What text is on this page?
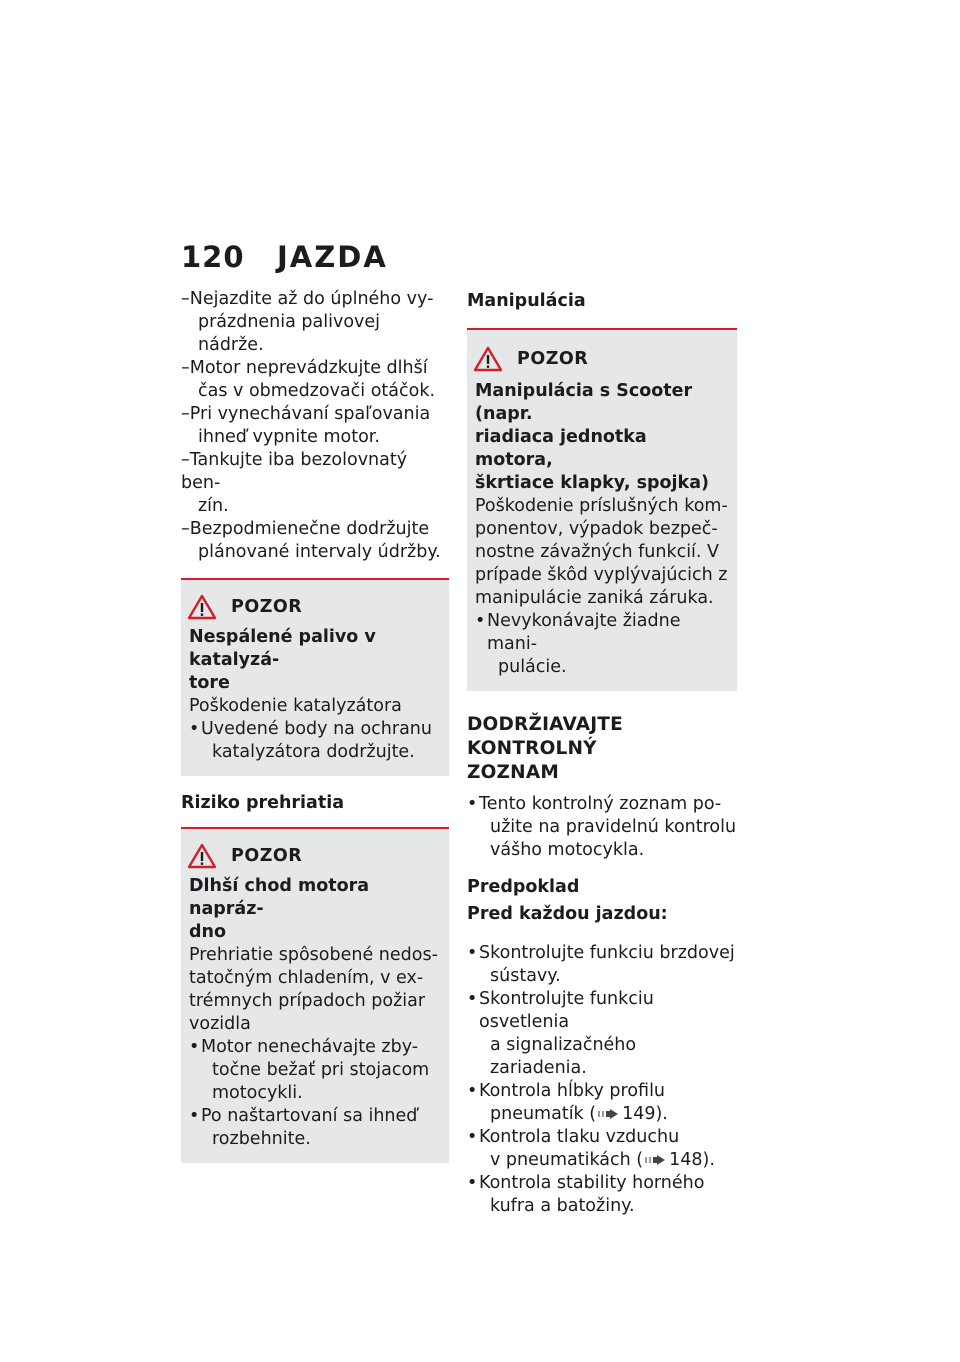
120	JAZDA
–Nejazdite až do úplného vy-
prázdnenia palivovej nádrže.
–Motor neprevádzkujte dlhší
čas v obmedzovači otáčok.
–Pri vynechávaní spaľovania
ihneď vypnite motor.
–Tankujte iba bezolovnatý ben-
zín.
–Bezpodmienečne dodržujte
plánované intervaly údržby.
POZOR
Nespálené palivo v katalyzá-
tore
Poškodenie katalyzátora
• Uvedené body na ochranu
katalyzátora dodržujte.
Riziko prehriatia
POZOR
Dlhší chod motora napráz-
dno
Prehriatie spôsobené nedos-
tatočným chladením, v ex-
trémnych prípadoch požiar
vozidla
• Motor nenechávajte zby-
točne bežať pri stojacom
motocykli.
• Po naštartovaní sa ihneď
rozbehnite.
Manipulácia
POZOR
Manipulácia s Scooter (napr.
riadiaca jednotka motora,
škrtiace klapky, spojka)
Poškodenie príslušných kom-
ponentov, výpadok bezpeč-
nostne závažných funkcií. V
prípade škôd vyplývajúcich z
manipulácie zaniká záruka.
• Nevykonávajte žiadne mani-
pulácie.
DODRŽIAVAJTE KONTROLNÝ
ZOZNAM
• Tento kontrolný zoznam po-
užite na pravidelnú kontrolu
vášho motocykla.
Predpoklad
Pred každou jazdou:
• Skontrolujte funkciu brzdovej
sústavy.
• Skontrolujte funkciu osvetlenia
a signalizačného zariadenia.
• Kontrola hĺbky profilu
pneumatík ( 149).
• Kontrola tlaku vzduchu
v pneumatikách ( 148).
• Kontrola stability horného
kufra a batožiny.
